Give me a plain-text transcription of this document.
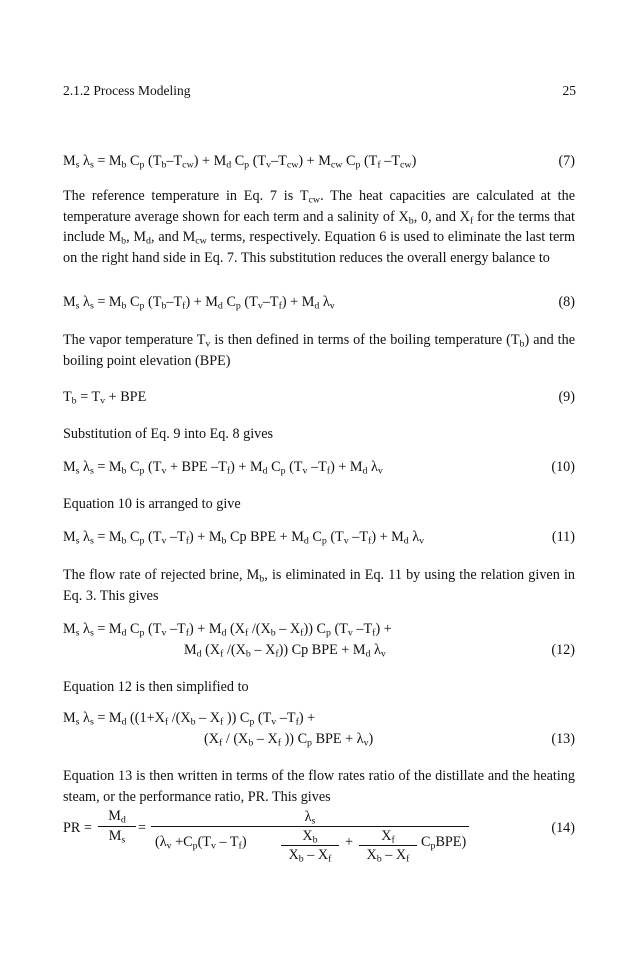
2.1.2 Process Modeling	25
$M_s$ $\lambda_s = M_b$ $C_p$ $(T_b-T_{cw}) + M_d$ $C_p$ $(T_v-T_{cw}) + M_{cw}$ $C_p$ ($T_f$ $-T_{cw}$)	(7)
The reference temperature in Eq. 7 is $T_{cw}$. The heat capacities are calculated at the temperature average shown for each term and a salinity of $X_b$, 0, and $X_f$ for the terms that include $M_b$, $M_d$, and $M_{cw}$ terms, respectively. Equation 6 is used to eliminate the last term on the right hand side in Eq. 7. This substitution reduces the overall energy balance to
$M_s$ $\lambda_s = M_b$ $C_p$ $(T_b-T_f) + M_d$ $C_p$ $(T_v-T_f) + M_d$ $\lambda_v$	(8)
The vapor temperature $T_v$ is then defined in terms of the boiling temperature $(T_b)$ and the boiling point elevation (BPE)
$T_b = T_v$ + BPE	(9)
Substitution of Eq. 9 into Eq. 8 gives
$M_s$ $\lambda_s = M_b$ $C_p$ ($T_v$ + BPE $-T_f) + M_d$ $C_p$ ($T_v$ $-T_f) + M_d$ $\lambda_v$	(10)
Equation 10 is arranged to give
$M_s$ $\lambda_s = M_b$ $C_p$ ($T_v$ $-T_f) + M_b$ Cp BPE + $M_d$ $C_p$ ($T_v$ $-T_f) + M_d$ $\lambda_v$	(11)
The flow rate of rejected brine, $M_b$, is eliminated in Eq. 11 by using the relation given in Eq. 3. This gives
$M_s$ $\lambda_s = M_d$ $C_p$ ($T_v$ $-T_f) + M_d$ ($X_f$ $/(X_b - X_f)$) $C_p$ ($T_v$ $-T_f$) +
$M_d$ ($X_f$ $/(X_b - X_f)$) Cp BPE + $M_d$ $\lambda_v$	(12)
Equation 12 is then simplified to
$M_s$ $\lambda_s = M_d$ (($1+X_f$ $/(X_b - X_f$ )) $C_p$ ($T_v$ $-T_f$) +
($X_f / (X_b - X_f$ )) $C_p$ BPE + $\lambda_v$)	(13)
Equation 13 is then written in terms of the flow rates ratio of the distillate and the heating steam, or the performance ratio, PR. This gives
PR =
$M_d$
$M_s$
=
$\lambda_s$
($\lambda_v +C_p(T_v - T_f)$	$X_b$
$X_b - X_f$
+	$X_f$
$X_b - X_f$
$C_pBPE$)
(14)
